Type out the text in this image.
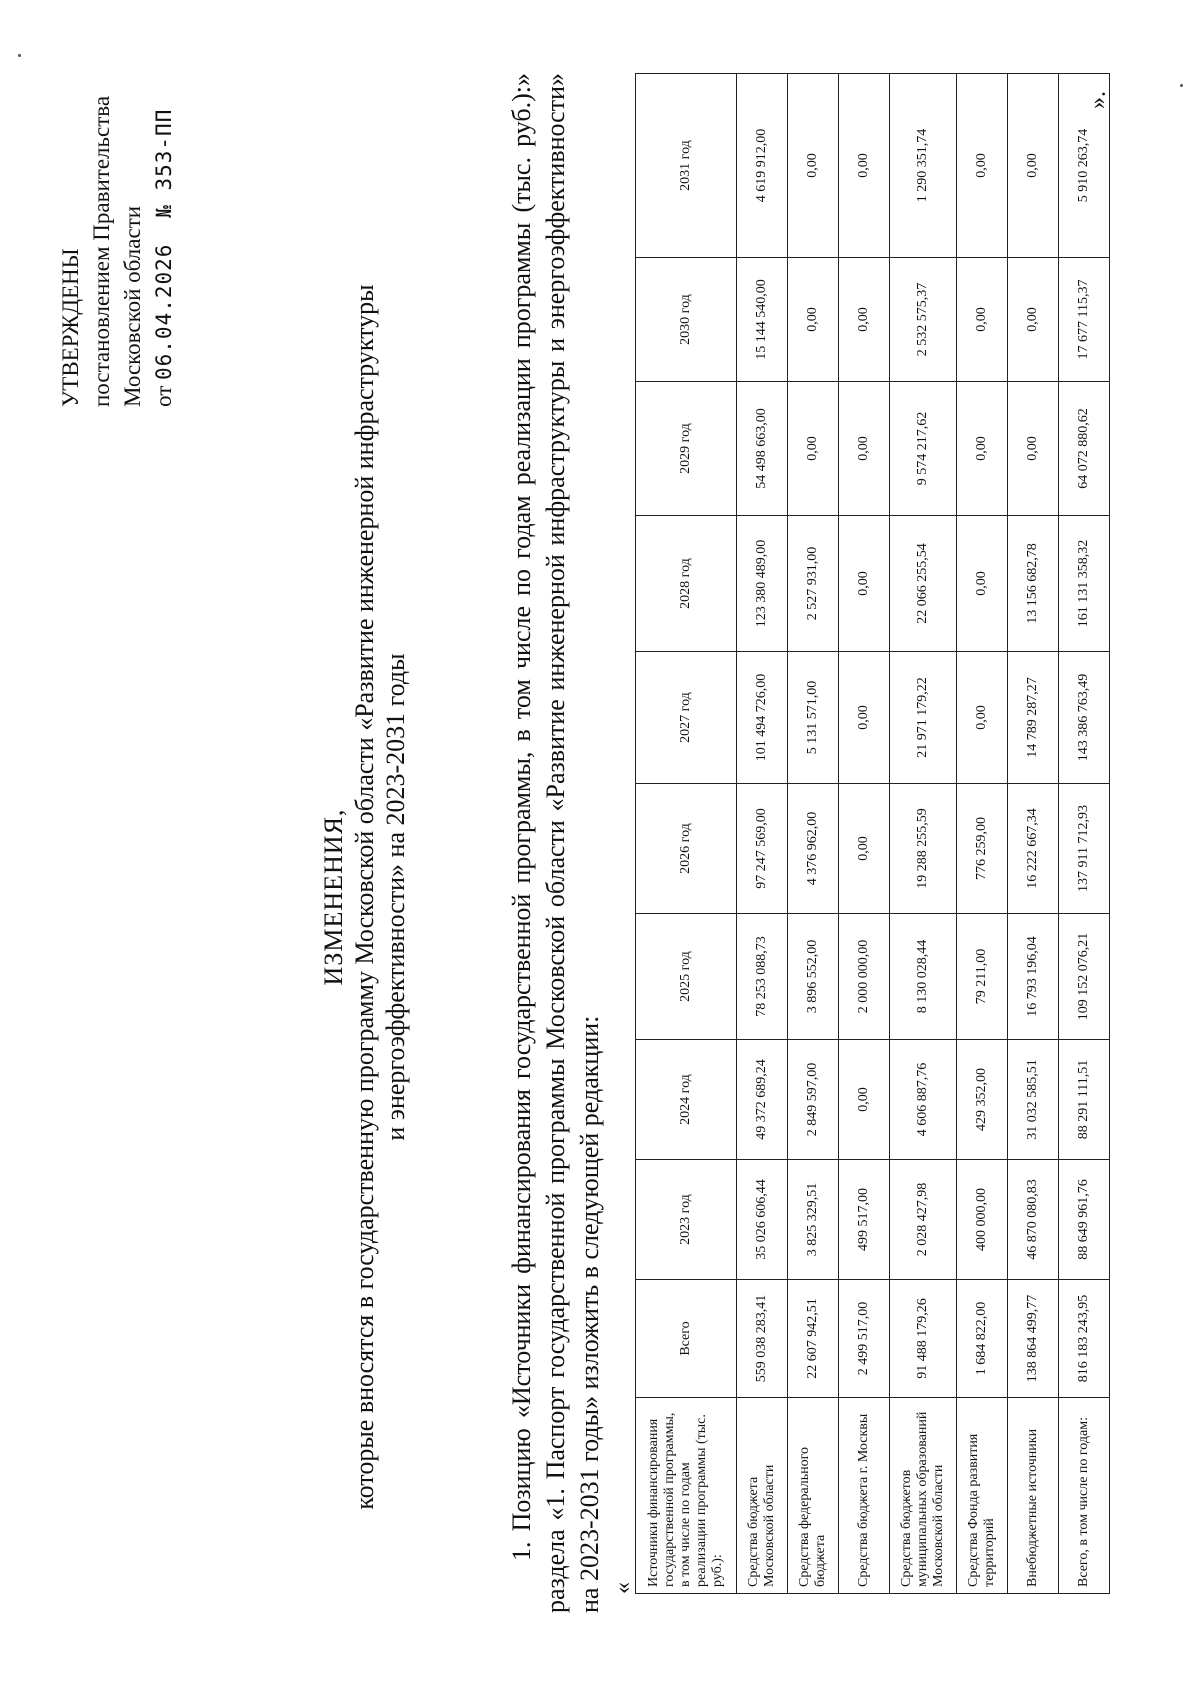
УТВЕРЖДЕНЫ постановлением Правительства Московской области от 06.04.2026 № 353-ПП
ИЗМЕНЕНИЯ, которые вносятся в государственную программу Московской области «Развитие инженерной инфраструктуры и энергоэффективности» на 2023-2031 годы	1. Позицию «Источники финансирования государственной программы, в том числе по годам реализации программы (тыс. руб.):» раздела «1. Паспорт государственной программы Московской области «Развитие инженерной инфраструктуры и энергоэффективности» на 2023-2031 годы» изложить в следующей редакции: «
Источники финансирования государственной программы, в том числе по годам реализации программы (тыс. руб.):	Всего	2023 год	2024 год	2025 год	2026 год	2027 год	2028 год	2029 год	2030 год	2031 год
Средства бюджета Московской области	559 038 283,41	35 026 606,44	49 372 689,24	78 253 088,73	97 247 569,00	101 494 726,00	123 380 489,00	54 498 663,00	15 144 540,00	4 619 912,00
Средства федерального бюджета	22 607 942,51	3 825 329,51	2 849 597,00	3 896 552,00	4 376 962,00	5 131 571,00	2 527 931,00	0,00	0,00	0,00
Средства бюджета г. Москвы	2 499 517,00	499 517,00	0,00	2 000 000,00	0,00	0,00	0,00	0,00	0,00	0,00
Средства бюджетов муниципальных образований Московской области	91 488 179,26	2 028 427,98	4 606 887,76	8 130 028,44	19 288 255,59	21 971 179,22	22 066 255,54	9 574 217,62	2 532 575,37	1 290 351,74
Средства Фонда развития территорий	1 684 822,00	400 000,00	429 352,00	79 211,00	776 259,00	0,00	0,00	0,00	0,00	0,00
Внебюджетные источники	138 864 499,77	46 870 080,83	31 032 585,51	16 793 196,04	16 222 667,34	14 789 287,27	13 156 682,78	0,00	0,00	0,00
Всего, в том числе по годам:	816 183 243,95	88 649 961,76	88 291 111,51	109 152 076,21	137 911 712,93	143 386 763,49	161 131 358,32	64 072 880,62	17 677 115,37	5 910 263,74
».
